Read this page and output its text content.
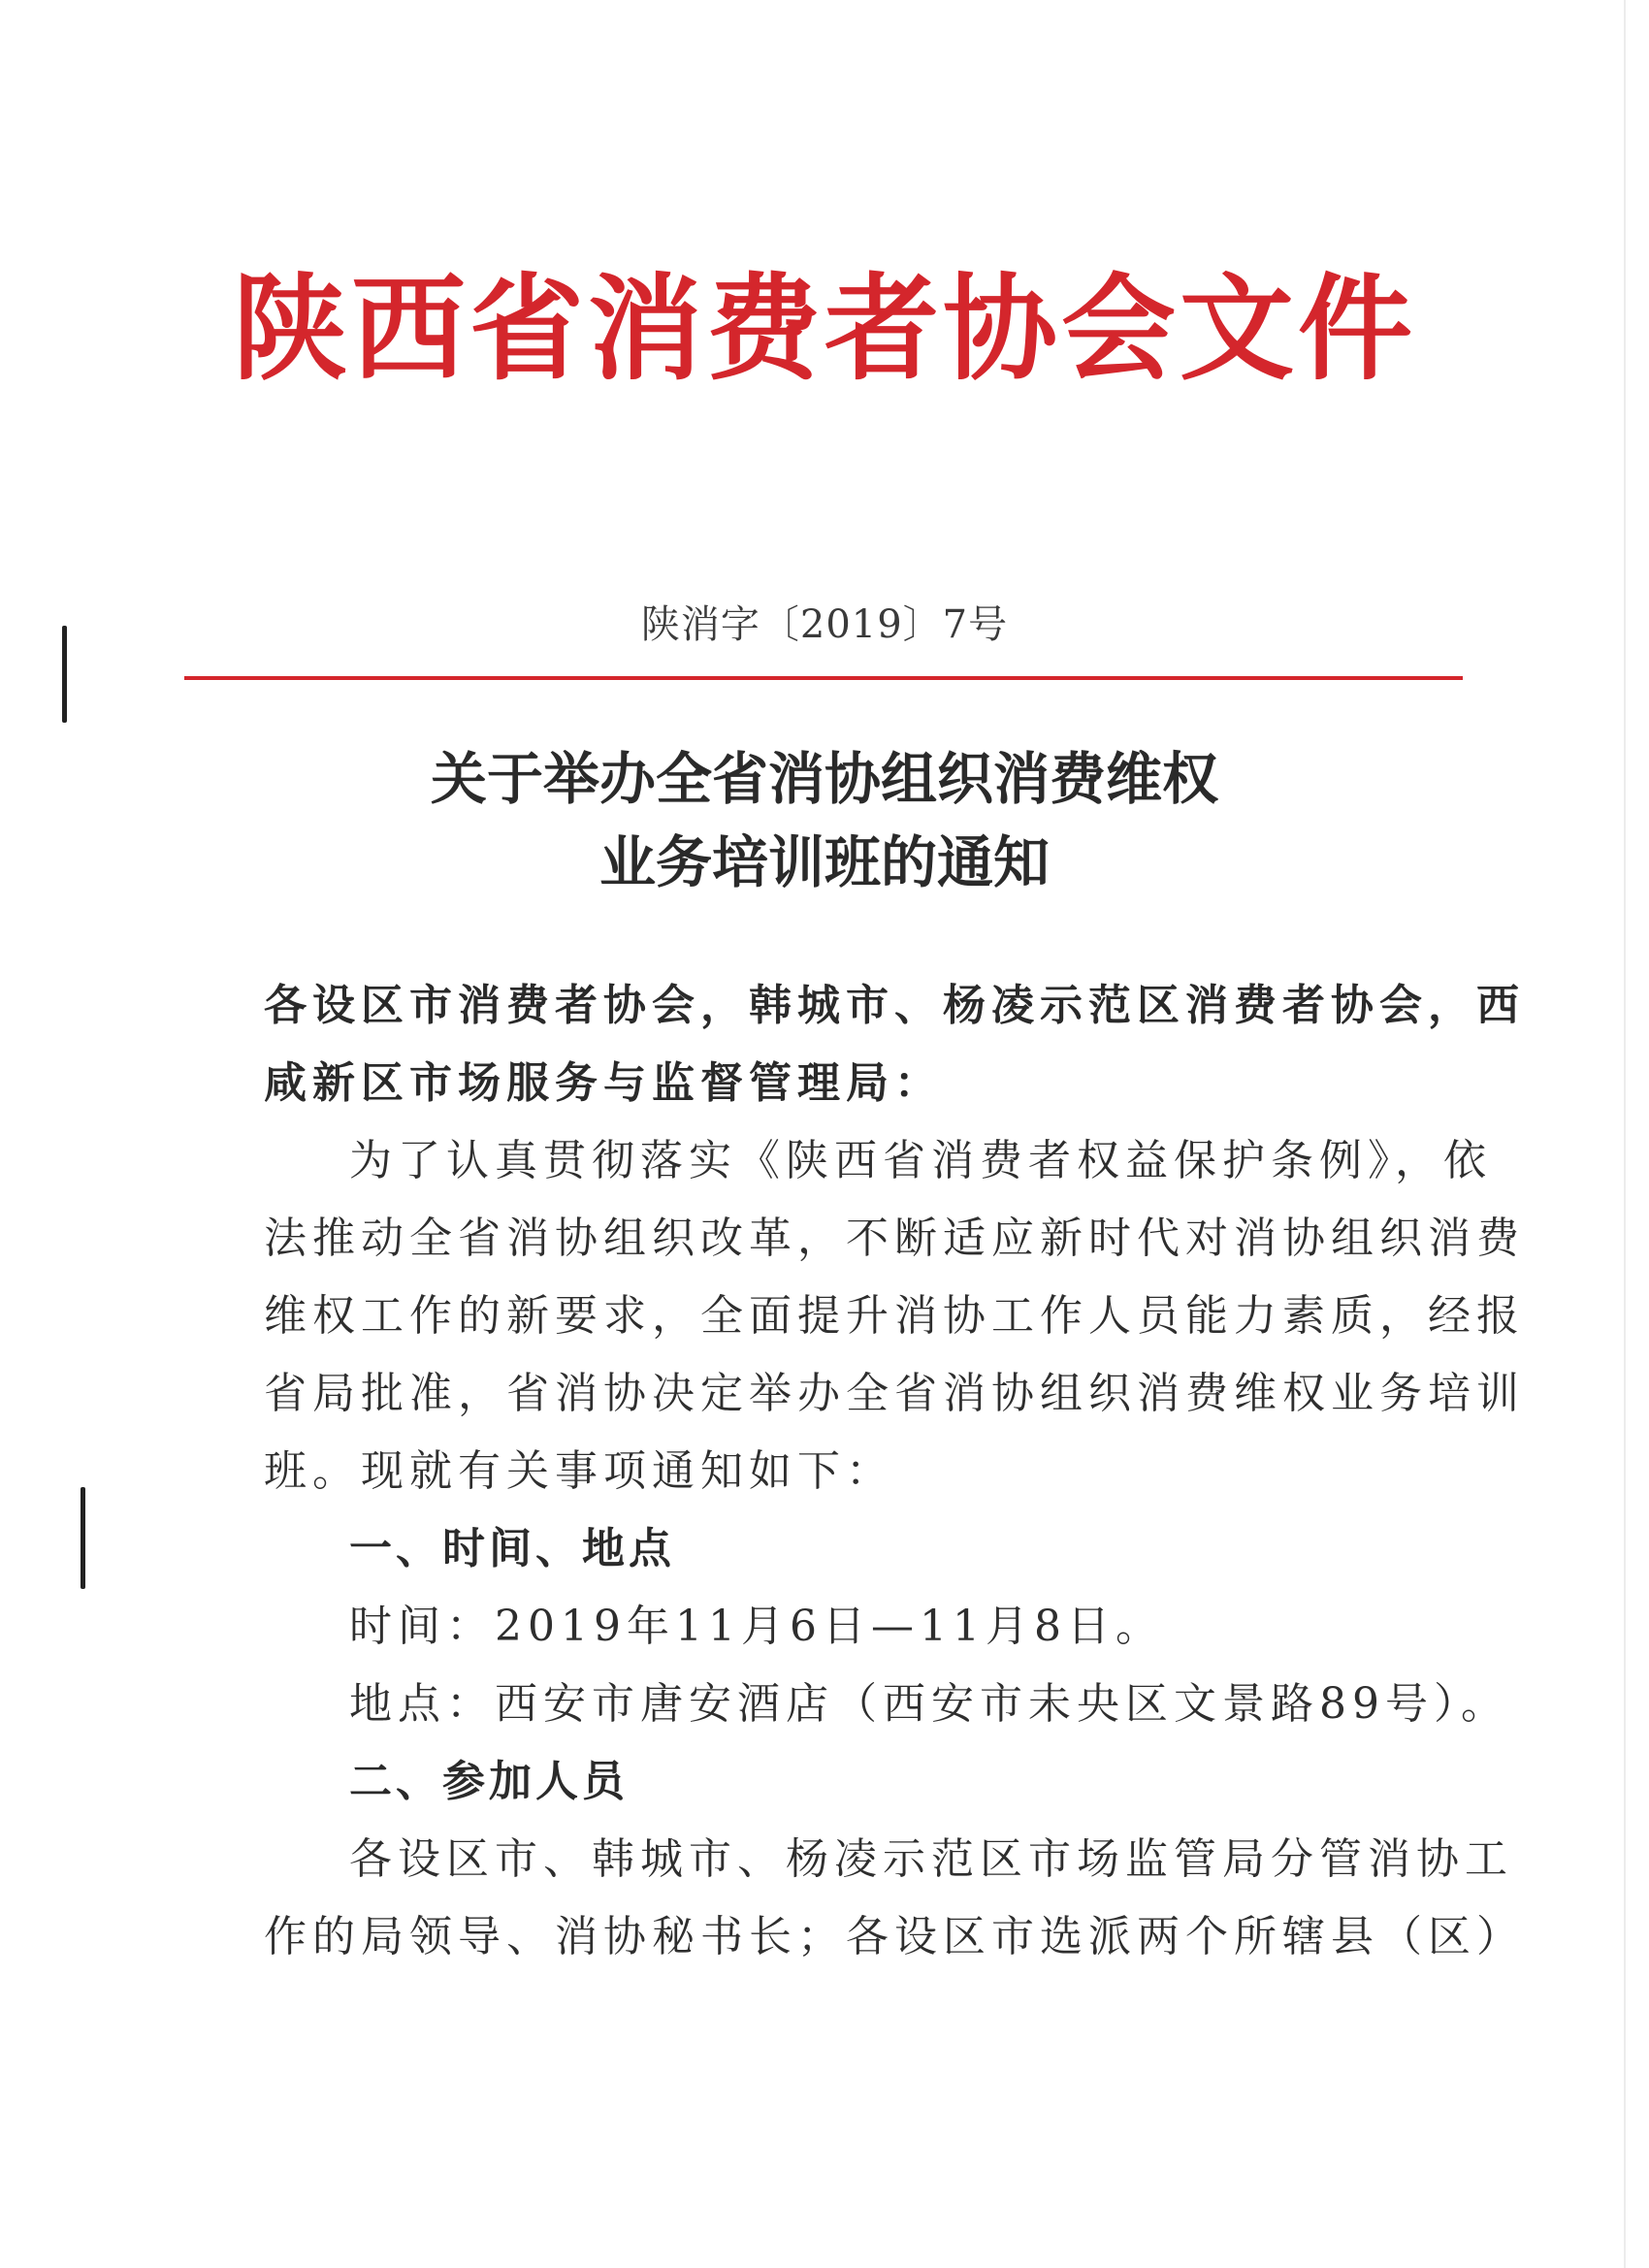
陕西省消费者协会文件
陕消字〔2019〕7号
关于举办全省消协组织消费维权
业务培训班的通知
各设区市消费者协会，韩城市、杨凌示范区消费者协会，西
咸新区市场服务与监督管理局：
为了认真贯彻落实《陕西省消费者权益保护条例》，依
法推动全省消协组织改革，不断适应新时代对消协组织消费
维权工作的新要求，全面提升消协工作人员能力素质，经报
省局批准，省消协决定举办全省消协组织消费维权业务培训
班。现就有关事项通知如下：
一、时间、地点
时间：2019年11月6日—11月8日。
地点：西安市唐安酒店（西安市未央区文景路89号）。
二、参加人员
各设区市、韩城市、杨凌示范区市场监管局分管消协工
作的局领导、消协秘书长；各设区市选派两个所辖县（区）
